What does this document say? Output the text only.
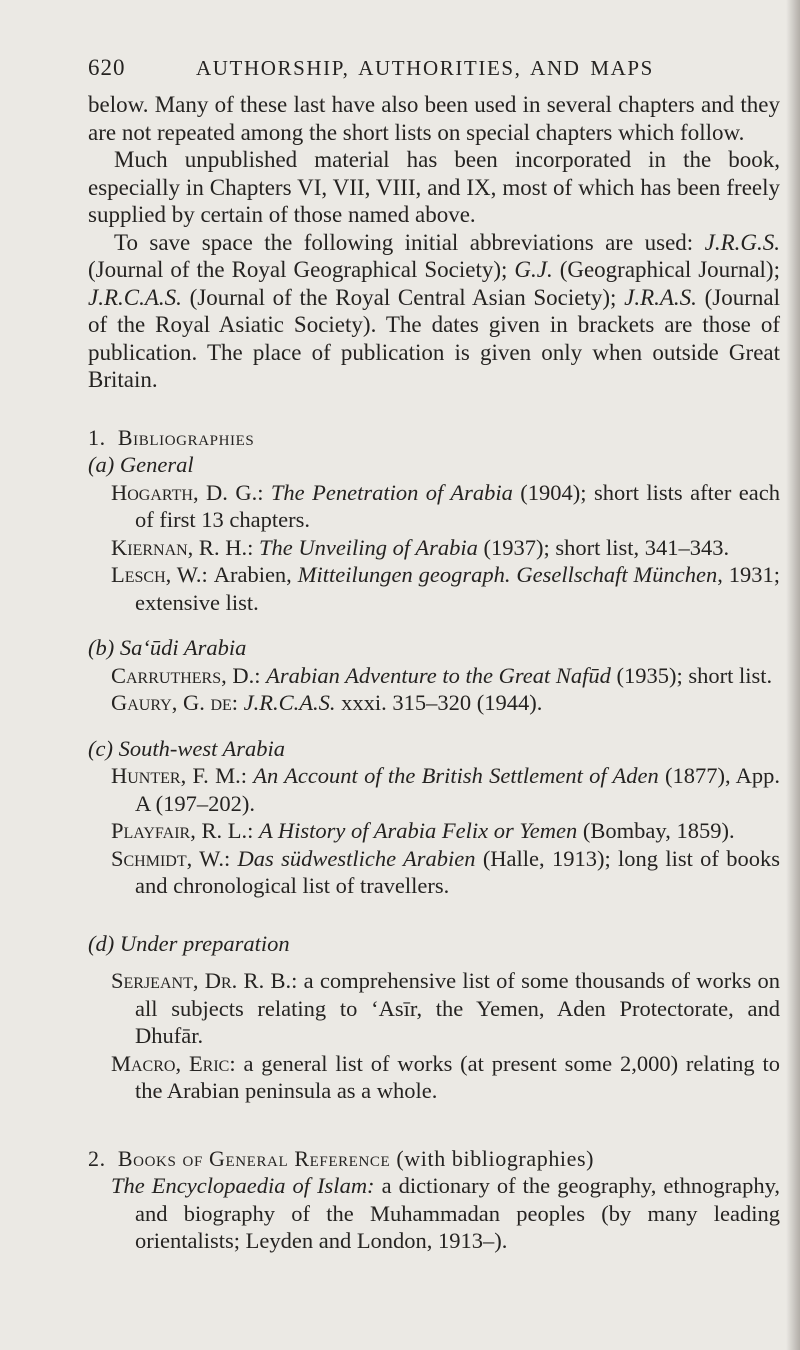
620	AUTHORSHIP, AUTHORITIES, AND MAPS

below. Many of these last have also been used in several chapters and they are not repeated among the short lists on special chapters which follow.

Much unpublished material has been incorporated in the book, especially in Chapters VI, VII, VIII, and IX, most of which has been freely supplied by certain of those named above.

To save space the following initial abbreviations are used: J.R.G.S. (Journal of the Royal Geographical Society); G.J. (Geographical Journal); J.R.C.A.S. (Journal of the Royal Central Asian Society); J.R.A.S. (Journal of the Royal Asiatic Society). The dates given in brackets are those of publication. The place of publication is given only when outside Great Britain.

1. Bibliographies

(a) General

Hogarth, D. G.: The Penetration of Arabia (1904); short lists after each of first 13 chapters.

Kiernan, R. H.: The Unveiling of Arabia (1937); short list, 341–343.

Lesch, W.: Arabien, Mitteilungen geograph. Gesellschaft München, 1931; extensive list.

(b) Sa‘ūdi Arabia

Carruthers, D.: Arabian Adventure to the Great Nafūd (1935); short list.

Gaury, G. de: J.R.C.A.S. xxxi. 315–320 (1944).

(c) South-west Arabia

Hunter, F. M.: An Account of the British Settlement of Aden (1877), App. A (197–202).

Playfair, R. L.: A History of Arabia Felix or Yemen (Bombay, 1859).

Schmidt, W.: Das südwestliche Arabien (Halle, 1913); long list of books and chronological list of travellers.

(d) Under preparation

Serjeant, Dr. R. B.: a comprehensive list of some thousands of works on all subjects relating to ‘Asīr, the Yemen, Aden Protectorate, and Dhufār.

Macro, Eric: a general list of works (at present some 2,000) relating to the Arabian peninsula as a whole.

2. Books of General Reference (with bibliographies)

The Encyclopaedia of Islam: a dictionary of the geography, ethnography, and biography of the Muhammadan peoples (by many leading orientalists; Leyden and London, 1913–).
